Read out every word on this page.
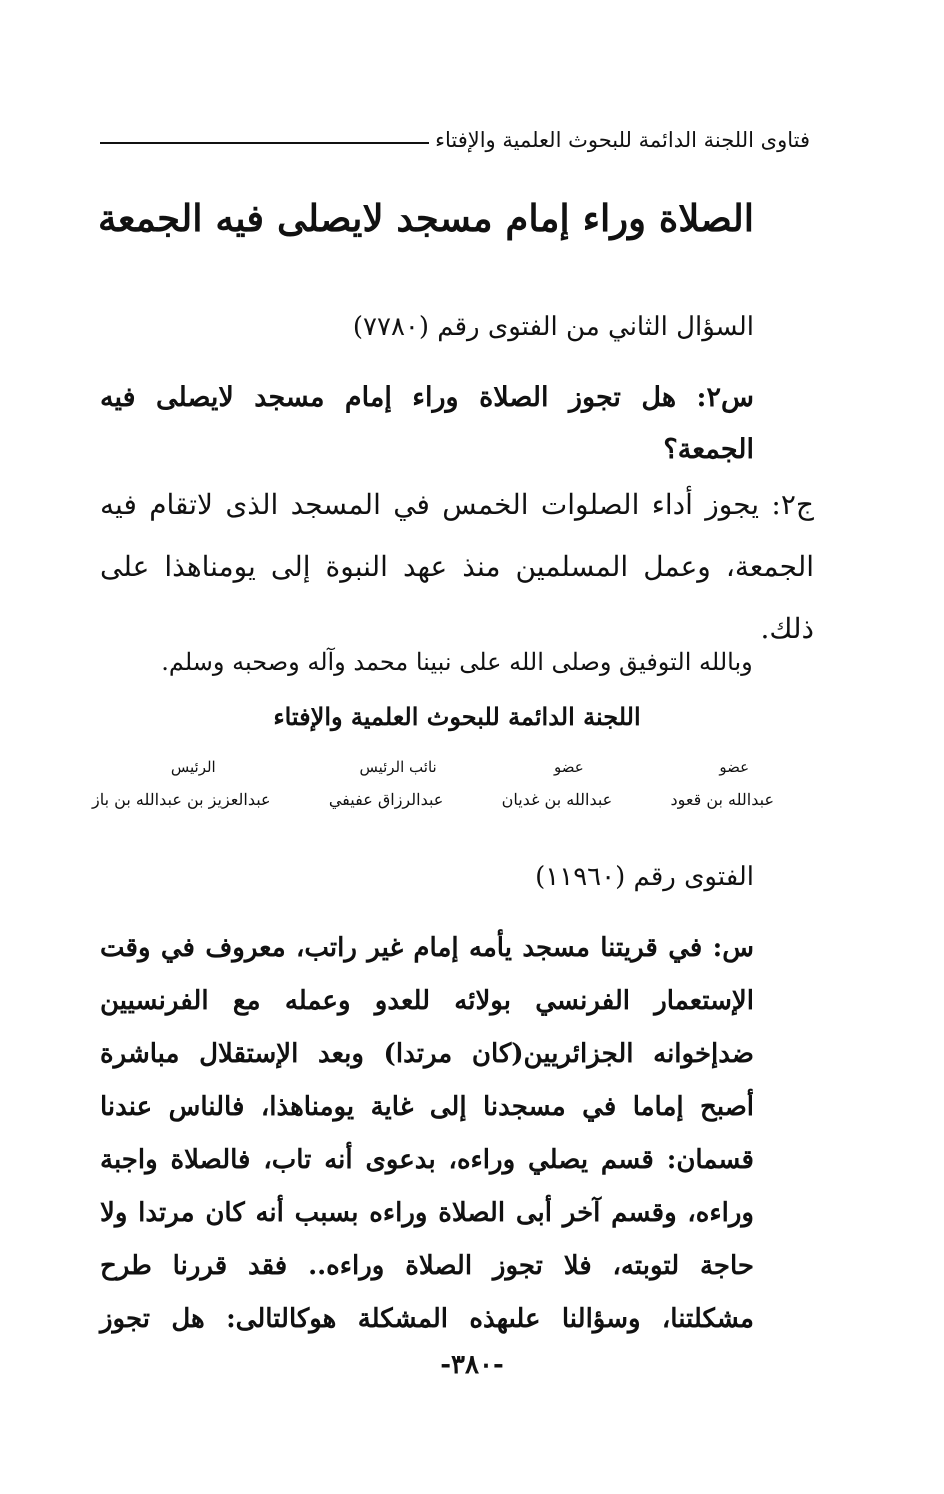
فتاوى اللجنة الدائمة للبحوث العلمية والإفتاء
الصلاة وراء إمام مسجد لايصلى فيه الجمعة
السؤال الثاني من الفتوى رقم (٧٧٨٠)
س٢: هل تجوز الصلاة وراء إمام مسجد لايصلى فيه الجمعة؟
ج٢: يجوز أداء الصلوات الخمس في المسجد الذى لاتقام فيه الجمعة، وعمل المسلمين منذ عهد النبوة إلى يومناهذا على ذلك.
وبالله التوفيق وصلى الله على نبينا محمد وآله وصحبه وسلم.
اللجنة الدائمة للبحوث العلمية والإفتاء
عضو
عبدالله بن قعود
عضو
عبدالله بن غديان
نائب الرئيس
عبدالرزاق عفيفي
الرئيس
عبدالعزيز بن عبدالله بن باز
الفتوى رقم (١١٩٦٠)
س: في قريتنا مسجد يأمه إمام غير راتب، معروف في وقت الإستعمار الفرنسي بولائه للعدو وعمله مع الفرنسيين ضدإخوانه الجزائريين(كان مرتدا) وبعد الإستقلال مباشرة أصبح إماما في مسجدنا إلى غاية يومناهذا، فالناس عندنا قسمان: قسم يصلي وراءه، بدعوى أنه تاب، فالصلاة واجبة وراءه، وقسم آخر أبى الصلاة وراءه بسبب أنه كان مرتدا ولا حاجة لتوبته، فلا تجوز الصلاة وراءه.. فقد قررنا طرح مشكلتنا، وسؤالنا علىهذه المشكلة هوكالتالى: هل تجوز
-٣٨٠-
